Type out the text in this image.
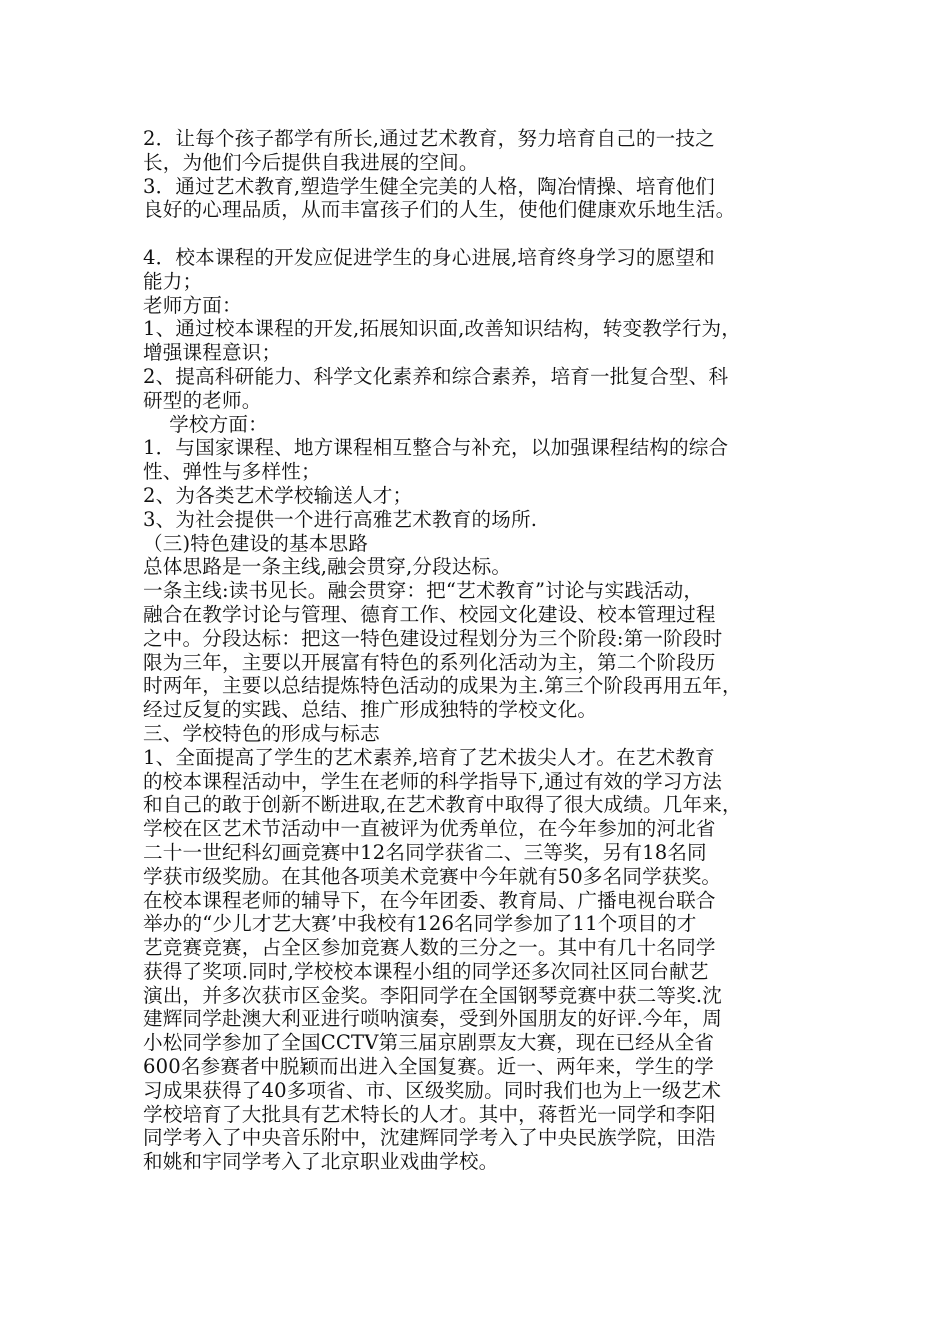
2．让每个孩子都学有所长,通过艺术教育，努力培育自己的一技之
长，为他们今后提供自我进展的空间。
3．通过艺术教育,塑造学生健全完美的人格，陶冶情操、培育他们
良好的心理品质，从而丰富孩子们的人生，使他们健康欢乐地生活。
4．校本课程的开发应促进学生的身心进展,培育终身学习的愿望和
能力；
老师方面：
1、通过校本课程的开发,拓展知识面,改善知识结构，转变教学行为，
增强课程意识；
2、提高科研能力、科学文化素养和综合素养，培育一批复合型、科
研型的老师。
　 学校方面：
1．与国家课程、地方课程相互整合与补充，以加强课程结构的综合
性、弹性与多样性；
2、为各类艺术学校输送人才；
3、为社会提供一个进行高雅艺术教育的场所.
（三)特色建设的基本思路
总体思路是一条主线,融会贯穿,分段达标。
一条主线:读书见长。融会贯穿：把“艺术教育”讨论与实践活动，
融合在教学讨论与管理、德育工作、校园文化建设、校本管理过程
之中。分段达标：把这一特色建设过程划分为三个阶段:第一阶段时
限为三年，主要以开展富有特色的系列化活动为主，第二个阶段历
时两年，主要以总结提炼特色活动的成果为主.第三个阶段再用五年，
经过反复的实践、总结、推广形成独特的学校文化。
三、学校特色的形成与标志
1、全面提高了学生的艺术素养,培育了艺术拔尖人才。在艺术教育
的校本课程活动中，学生在老师的科学指导下,通过有效的学习方法
和自己的敢于创新不断进取,在艺术教育中取得了很大成绩。几年来，
学校在区艺术节活动中一直被评为优秀单位，在今年参加的河北省
二十一世纪科幻画竞赛中12名同学获省二、三等奖，另有18名同
学获市级奖励。在其他各项美术竞赛中今年就有50多名同学获奖。
在校本课程老师的辅导下，在今年团委、教育局、广播电视台联合
举办的“少儿才艺大赛’中我校有126名同学参加了11个项目的才
艺竞赛竞赛，占全区参加竞赛人数的三分之一。其中有几十名同学
获得了奖项.同时,学校校本课程小组的同学还多次同社区同台献艺
演出，并多次获市区金奖。李阳同学在全国钢琴竞赛中获二等奖.沈
建辉同学赴澳大利亚进行唢呐演奏，受到外国朋友的好评.今年，周
小松同学参加了全国CCTV第三届京剧票友大赛，现在已经从全省
600名参赛者中脱颖而出进入全国复赛。近一、两年来，学生的学
习成果获得了40多项省、市、区级奖励。同时我们也为上一级艺术
学校培育了大批具有艺术特长的人才。其中，蒋哲光一同学和李阳
同学考入了中央音乐附中，沈建辉同学考入了中央民族学院，田浩
和姚和宇同学考入了北京职业戏曲学校。
